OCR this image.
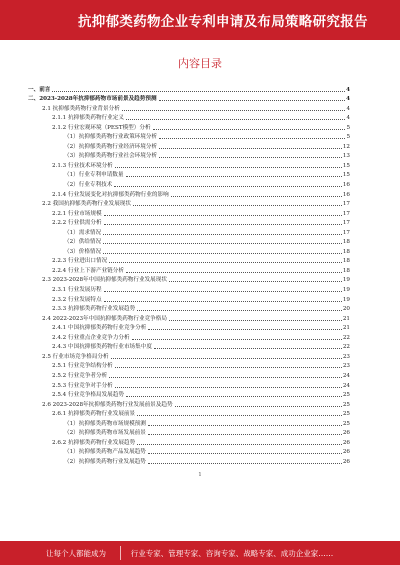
抗抑郁类药物企业专利申请及布局策略研究报告
内容目录
一、前言	4
二、2023-2028年抗抑郁药物市场前景及趋势预测	4
2.1 抗抑郁类药物行业背景分析	4
2.1.1 抗抑郁类药物行业定义	4
2.1.2 行业宏观环境（PEST模型）分析	5
（1）抗抑郁类药物行业政策环境分析	5
（2）抗抑郁类药物行业经济环境分析	12
（3）抗抑郁类药物行业社会环境分析	13
2.1.3 行业技术环境分析	15
（1）行业专利申请数量	15
（2）行业专利技术	16
2.1.4 行业发展变化对抗抑郁类药物行业的影响	16
2.2 我国抗抑郁类药物行业发展现状	17
2.2.1 行业市场规模	17
2.2.2 行业供需分析	17
（1）需求情况	17
（2）供给情况	18
（3）价格情况	18
2.2.3 行业进出口情况	18
2.2.4 行业上下游产业链分析	18
2.3 2023-2028年中国抗抑郁类药物行业发展现状	19
2.3.1 行业发展历程	19
2.3.2 行业发展特点	19
2.3.3 抗抑郁类药物行业发展趋势	20
2.4 2022-2023年中国抗抑郁类药物行业竞争格局	21
2.4.1 中国抗抑郁类药物行业竞争分析	21
2.4.2 行业重点企业竞争力分析	22
2.4.3 中国抗抑郁类药物行业市场集中度	22
2.5 行业市场竞争格局分析	23
2.5.1 行业竞争结构分析	23
2.5.2 行业竞争者分析	24
2.5.3 行业竞争对手分析	24
2.5.4 行业竞争格局发展趋势	25
2.6 2023-2028年抗抑郁类药物行业发展前景及趋势	25
2.6.1 抗抑郁类药物行业发展前景	25
（1）抗抑郁类药物市场规模预测	25
（2）抗抑郁类药物市场发展前景	26
2.6.2 抗抑郁类药物行业发展趋势	26
（1）抗抑郁类药物产品发展趋势	26
（2）抗抑郁类药物行业发展趋势	26
让每个人都能成为	行业专家、管理专家、咨询专家、战略专家、成功企业家……
1
